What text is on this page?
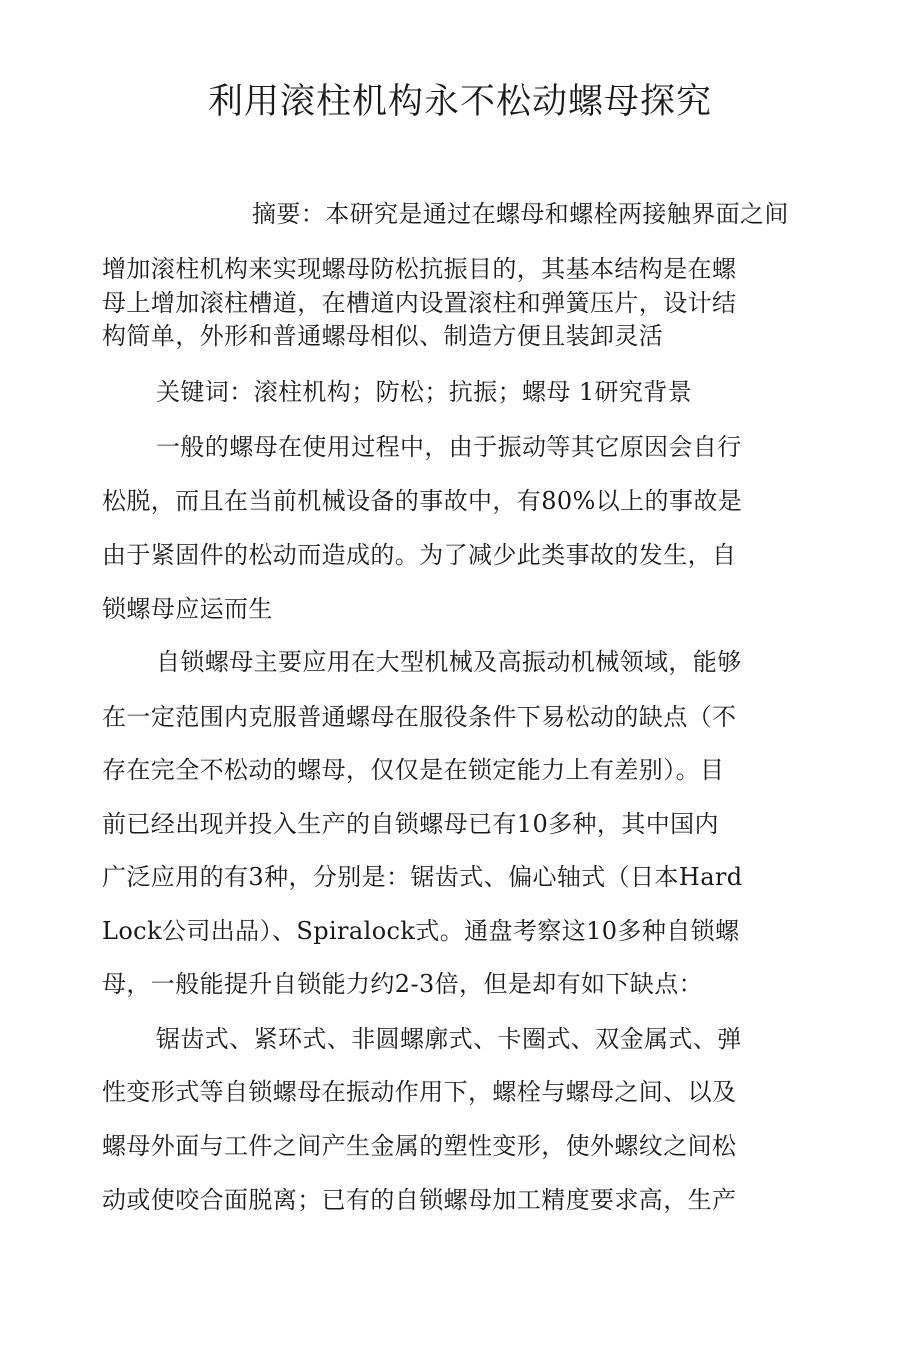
利用滚柱机构永不松动螺母探究
摘要：本研究是通过在螺母和螺栓两接触界面之间
增加滚柱机构来实现螺母防松抗振目的，其基本结构是在螺
母上增加滚柱槽道，在槽道内设置滚柱和弹簧压片，设计结
构简单，外形和普通螺母相似、制造方便且装卸灵活
关键词：滚柱机构；防松；抗振；螺母 1研究背景
一般的螺母在使用过程中，由于振动等其它原因会自行
松脱，而且在当前机械设备的事故中，有80%以上的事故是
由于紧固件的松动而造成的。为了减少此类事故的发生，自
锁螺母应运而生
自锁螺母主要应用在大型机械及高振动机械领域，能够
在一定范围内克服普通螺母在服役条件下易松动的缺点（不
存在完全不松动的螺母，仅仅是在锁定能力上有差别）。目
前已经出现并投入生产的自锁螺母已有10多种，其中国内
广泛应用的有3种，分别是：锯齿式、偏心轴式（日本Hard
Lock公司出品）、Spiralock式。通盘考察这10多种自锁螺
母，一般能提升自锁能力约2-3倍，但是却有如下缺点：
锯齿式、紧环式、非圆螺廓式、卡圈式、双金属式、弹
性变形式等自锁螺母在振动作用下，螺栓与螺母之间、以及
螺母外面与工件之间产生金属的塑性变形，使外螺纹之间松
动或使咬合面脱离；已有的自锁螺母加工精度要求高，生产
